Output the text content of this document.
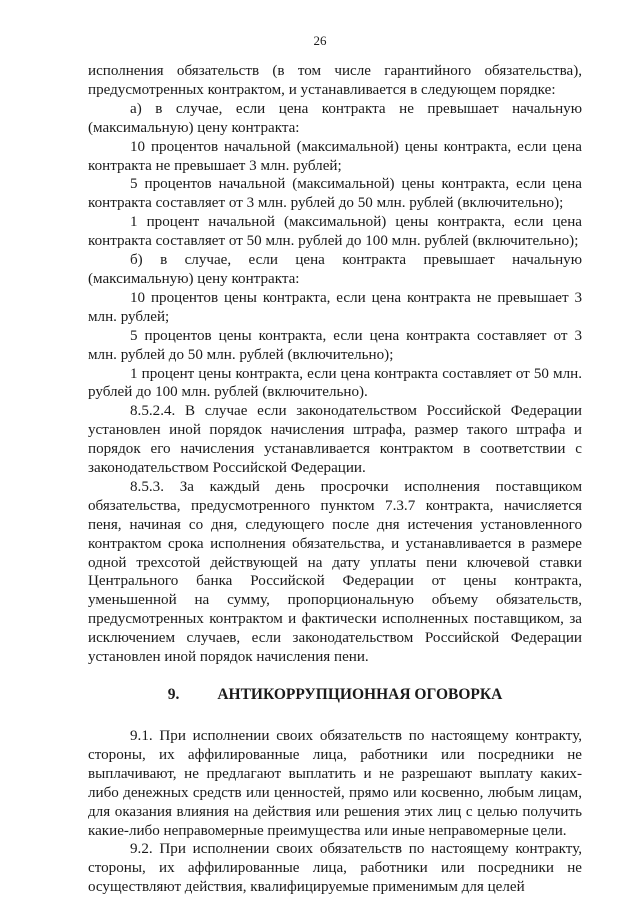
26

исполнения обязательств (в том числе гарантийного обязательства), предусмотренных контрактом, и устанавливается в следующем порядке:

а) в случае, если цена контракта не превышает начальную (максимальную) цену контракта:

10 процентов начальной (максимальной) цены контракта, если цена контракта не превышает 3 млн. рублей;

5 процентов начальной (максимальной) цены контракта, если цена контракта составляет от 3 млн. рублей до 50 млн. рублей (включительно);

1 процент начальной (максимальной) цены контракта, если цена контракта составляет от 50 млн. рублей до 100 млн. рублей (включительно);

б) в случае, если цена контракта превышает начальную (максимальную) цену контракта:

10 процентов цены контракта, если цена контракта не превышает 3 млн. рублей;

5 процентов цены контракта, если цена контракта составляет от 3 млн. рублей до 50 млн. рублей (включительно);

1 процент цены контракта, если цена контракта составляет от 50 млн. рублей до 100 млн. рублей (включительно).

8.5.2.4. В случае если законодательством Российской Федерации установлен иной порядок начисления штрафа, размер такого штрафа и порядок его начисления устанавливается контрактом в соответствии с законодательством Российской Федерации.

8.5.3. За каждый день просрочки исполнения поставщиком обязательства, предусмотренного пунктом 7.3.7 контракта, начисляется пеня, начиная со дня, следующего после дня истечения установленного контрактом срока исполнения обязательства, и устанавливается в размере одной трехсотой действующей на дату уплаты пени ключевой ставки Центрального банка Российской Федерации от цены контракта, уменьшенной на сумму, пропорциональную объему обязательств, предусмотренных контрактом и фактически исполненных поставщиком, за исключением случаев, если законодательством Российской Федерации установлен иной порядок начисления пени.

9. АНТИКОРРУПЦИОННАЯ ОГОВОРКА

9.1. При исполнении своих обязательств по настоящему контракту, стороны, их аффилированные лица, работники или посредники не выплачивают, не предлагают выплатить и не разрешают выплату каких-либо денежных средств или ценностей, прямо или косвенно, любым лицам, для оказания влияния на действия или решения этих лиц с целью получить какие-либо неправомерные преимущества или иные неправомерные цели.

9.2. При исполнении своих обязательств по настоящему контракту, стороны, их аффилированные лица, работники или посредники не осуществляют действия, квалифицируемые применимым для целей
